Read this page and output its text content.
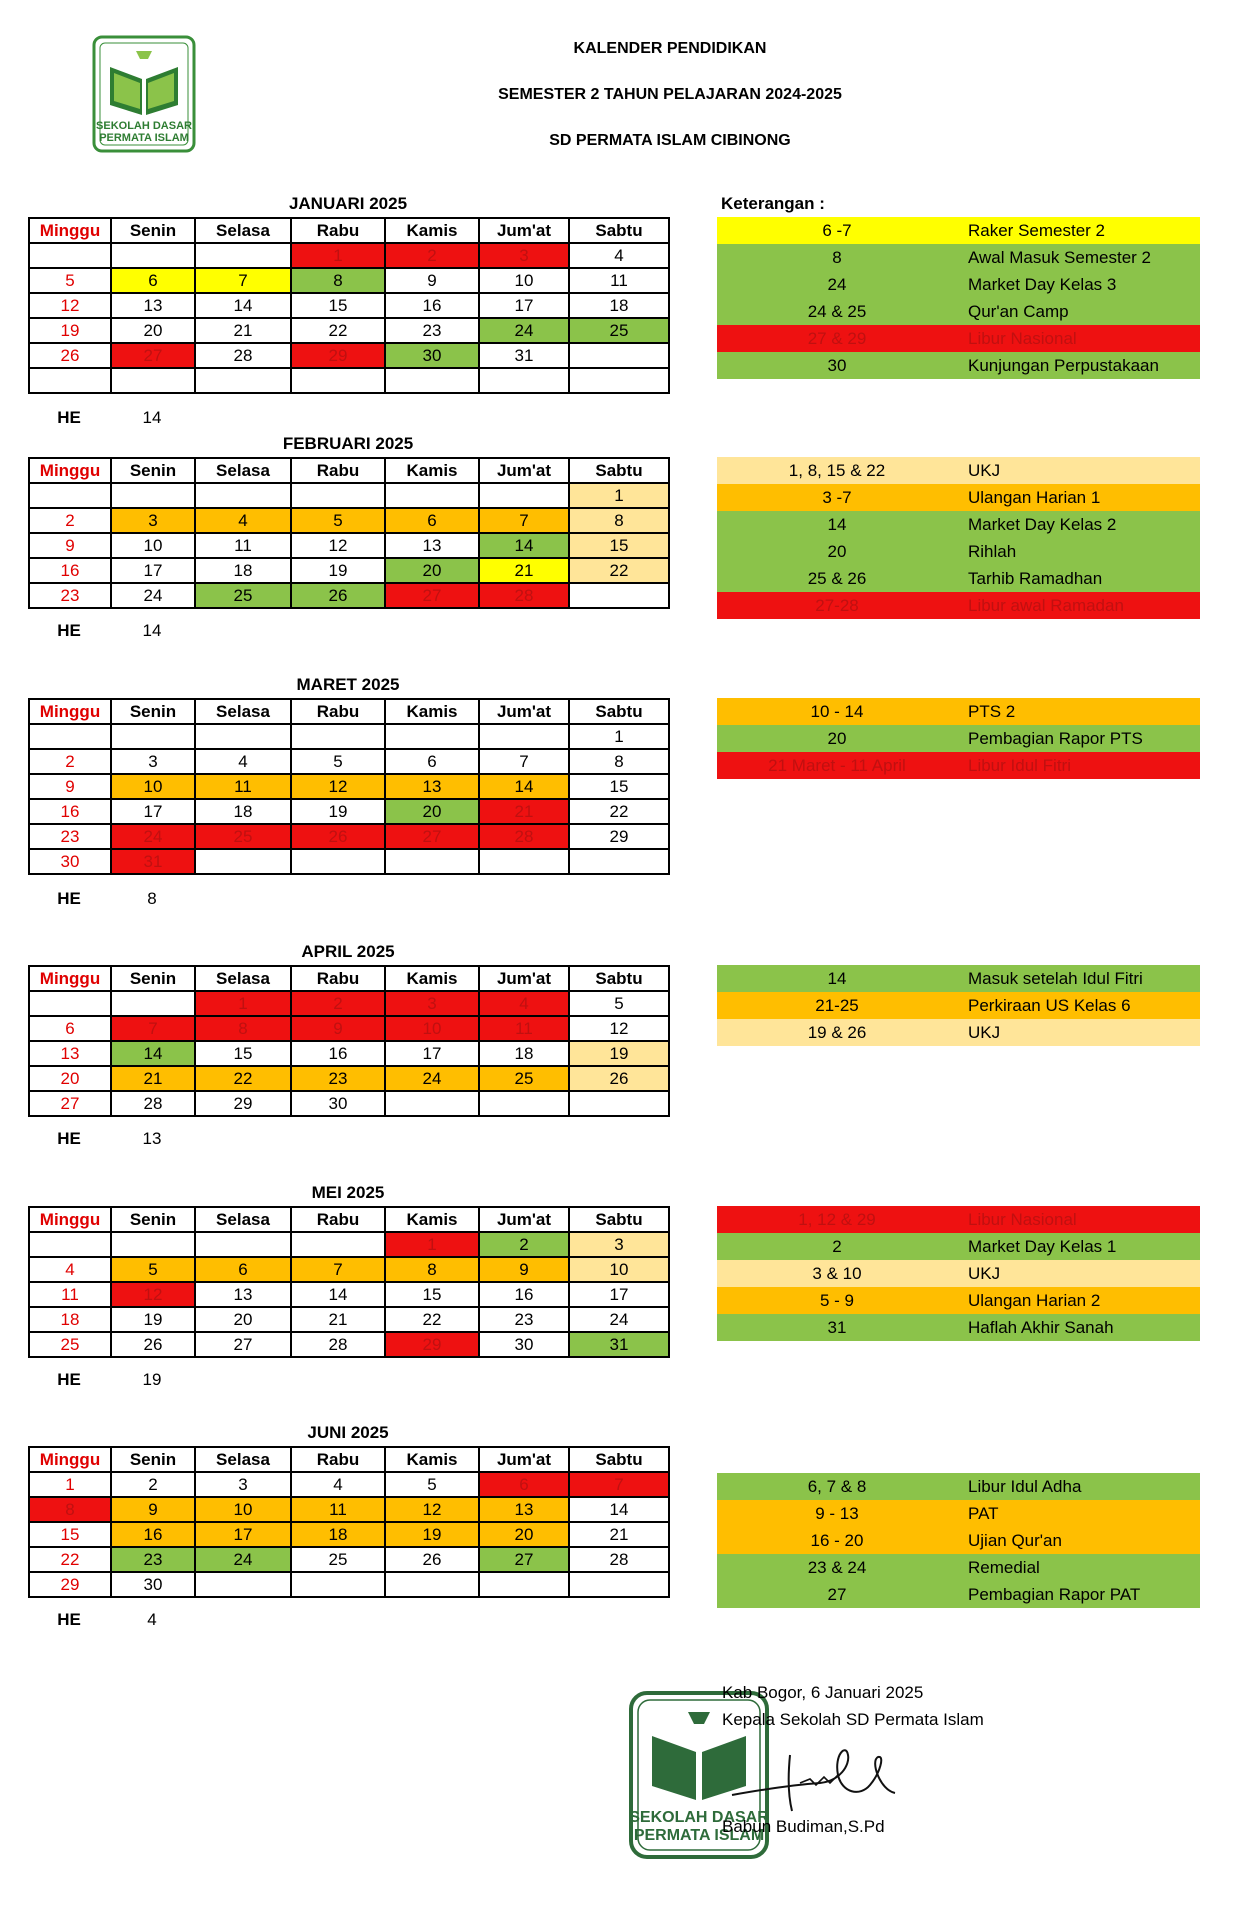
KALENDER PENDIDIKAN
SEMESTER 2 TAHUN PELAJARAN 2024-2025
SD PERMATA ISLAM CIBINONG
SEKOLAH DASAR
PERMATA ISLAM
Keterangan :
JANUARI 2025
Minggu	Senin	Selasa	Rabu	Kamis	Jum'at	Sabtu
			1	2	3	4
5	6	7	8	9	10	11
12	13	14	15	16	17	18
19	20	21	22	23	24	25
26	27	28	29	30	31	

HE	14
6 -7	Raker Semester 2
8	Awal Masuk Semester 2
24	Market Day Kelas 3
24 & 25	Qur'an Camp
27 & 29	Libur Nasional
30	Kunjungan Perpustakaan
FEBRUARI 2025
Minggu	Senin	Selasa	Rabu	Kamis	Jum'at	Sabtu
						1
2	3	4	5	6	7	8
9	10	11	12	13	14	15
16	17	18	19	20	21	22
23	24	25	26	27	28	
HE	14
1, 8, 15 & 22	UKJ
3 -7	Ulangan Harian 1
14	Market Day Kelas 2
20	Rihlah
25 & 26	Tarhib Ramadhan
27-28	Libur awal Ramadan
MARET 2025
Minggu	Senin	Selasa	Rabu	Kamis	Jum'at	Sabtu
						1
2	3	4	5	6	7	8
9	10	11	12	13	14	15
16	17	18	19	20	21	22
23	24	25	26	27	28	29
30	31					
HE	8
10 - 14	PTS 2
20	Pembagian Rapor PTS
21 Maret - 11 April	Libur Idul Fitri
APRIL 2025
Minggu	Senin	Selasa	Rabu	Kamis	Jum'at	Sabtu
		1	2	3	4	5
6	7	8	9	10	11	12
13	14	15	16	17	18	19
20	21	22	23	24	25	26
27	28	29	30			
HE	13
14	Masuk setelah Idul Fitri
21-25	Perkiraan US Kelas 6
19 & 26	UKJ
MEI 2025
Minggu	Senin	Selasa	Rabu	Kamis	Jum'at	Sabtu
				1	2	3
4	5	6	7	8	9	10
11	12	13	14	15	16	17
18	19	20	21	22	23	24
25	26	27	28	29	30	31
HE	19
1, 12 & 29	Libur Nasional
2	Market Day Kelas 1
3 & 10	UKJ
5 - 9	Ulangan Harian 2
31	Haflah Akhir Sanah
JUNI 2025
Minggu	Senin	Selasa	Rabu	Kamis	Jum'at	Sabtu
1	2	3	4	5	6	7
8	9	10	11	12	13	14
15	16	17	18	19	20	21
22	23	24	25	26	27	28
29	30					
HE	4
6, 7 & 8	Libur Idul Adha
9 - 13	PAT
16 - 20	Ujian Qur'an
23 & 24	Remedial
27	Pembagian Rapor PAT
SEKOLAH DASAR
PERMATA ISLAM
Kab Bogor, 6 Januari 2025
Kepala Sekolah SD Permata Islam
Babun Budiman,S.Pd
